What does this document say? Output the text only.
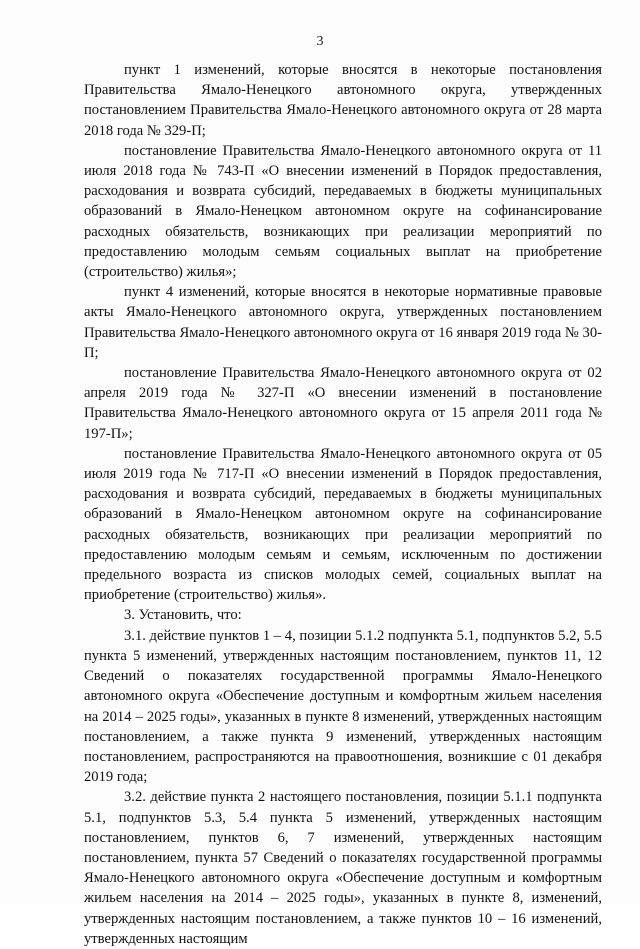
3

пункт 1 изменений, которые вносятся в некоторые постановления Правительства Ямало-Ненецкого автономного округа, утвержденных постановлением Правительства Ямало-Ненецкого автономного округа от 28 марта 2018 года № 329-П;

постановление Правительства Ямало-Ненецкого автономного округа от 11 июля 2018 года № 743-П «О внесении изменений в Порядок предоставления, расходования и возврата субсидий, передаваемых в бюджеты муниципальных образований в Ямало-Ненецком автономном округе на софинансирование расходных обязательств, возникающих при реализации мероприятий по предоставлению молодым семьям социальных выплат на приобретение (строительство) жилья»;

пункт 4 изменений, которые вносятся в некоторые нормативные правовые акты Ямало-Ненецкого автономного округа, утвержденных постановлением Правительства Ямало-Ненецкого автономного округа от 16 января 2019 года № 30-П;

постановление Правительства Ямало-Ненецкого автономного округа от 02 апреля 2019 года № 327-П «О внесении изменений в постановление Правительства Ямало-Ненецкого автономного округа от 15 апреля 2011 года № 197-П»;

постановление Правительства Ямало-Ненецкого автономного округа от 05 июля 2019 года № 717-П «О внесении изменений в Порядок предоставления, расходования и возврата субсидий, передаваемых в бюджеты муниципальных образований в Ямало-Ненецком автономном округе на софинансирование расходных обязательств, возникающих при реализации мероприятий по предоставлению молодым семьям и семьям, исключенным по достижении предельного возраста из списков молодых семей, социальных выплат на приобретение (строительство) жилья».

3. Установить, что:

3.1. действие пунктов 1 – 4, позиции 5.1.2 подпункта 5.1, подпунктов 5.2, 5.5 пункта 5 изменений, утвержденных настоящим постановлением, пунктов 11, 12 Сведений о показателях государственной программы Ямало-Ненецкого автономного округа «Обеспечение доступным и комфортным жильем населения на 2014 – 2025 годы», указанных в пункте 8 изменений, утвержденных настоящим постановлением, а также пункта 9 изменений, утвержденных настоящим постановлением, распространяются на правоотношения, возникшие с 01 декабря 2019 года;

3.2. действие пункта 2 настоящего постановления, позиции 5.1.1 подпункта 5.1, подпунктов 5.3, 5.4 пункта 5 изменений, утвержденных настоящим постановлением, пунктов 6, 7 изменений, утвержденных настоящим постановлением, пункта 57 Сведений о показателях государственной программы Ямало-Ненецкого автономного округа «Обеспечение доступным и комфортным жильем населения на 2014 – 2025 годы», указанных в пункте 8, изменений, утвержденных настоящим постановлением, а также пунктов 10 – 16 изменений, утвержденных настоящим
